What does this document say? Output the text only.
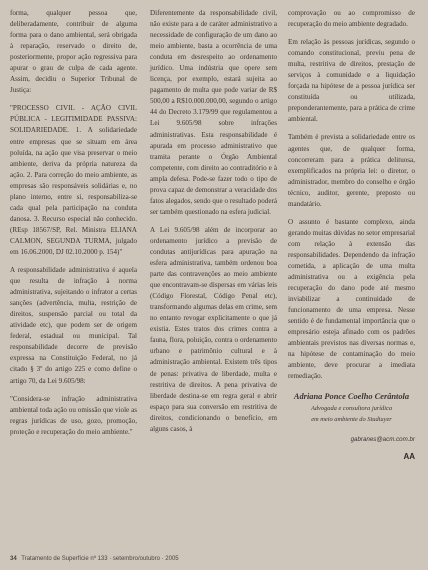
forma, qualquer pessoa que, deliberadamente, contribuir de alguma forma para o dano ambiental, será obrigada à reparação, reservado o direito de, posteriormente, propor ação regressiva para apurar o grau de culpa de cada agente. Assim, decidiu o Superior Tribunal de Justiça:

"PROCESSO CIVIL - AÇÃO CIVIL PÚBLICA - LEGITIMIDADE PASSIVA: SOLIDARIEDADE. 1. A solidariedade entre empresas que se situam em área poluída, na ação que visa preservar o meio ambiente, deriva da própria natureza da ação. 2. Para correção do meio ambiente, as empresas são responsáveis solidárias e, no plano interno, entre si, responsabiliza-se cada qual pela participação na conduta danosa. 3. Recurso especial não conhecido. (REsp 18567/SP, Rel. Ministra ELIANA CALMON, SEGUNDA TURMA, julgado em 16.06.2000, DJ 02.10.2000 p. 154)"

A responsabilidade administrativa é aquela que resulta de infração à norma administrativa, sujeitando o infrator a certas sanções (advertência, multa, restrição de direitos, suspensão parcial ou total da atividade etc), que podem ser de origem federal, estadual ou municipal. Tal responsabilidade decorre de previsão expressa na Constituição Federal, no já citado § 3º do artigo 225 e como define o artigo 70, da Lei 9.605/98:

"Considera-se infração administrativa ambiental toda ação ou omissão que viole as regras jurídicas de uso, gozo, promoção, proteção e recuperação do meio ambiente."

Diferentemente da responsabilidade civil, não existe para a de caráter administrativo a necessidade de configuração de um dano ao meio ambiente, basta a ocorrência de uma conduta em desrespeito ao ordenamento jurídico. Uma indústria que opere sem licença, por exemplo, estará sujeita ao pagamento de multa que pode variar de R$ 500,00 a R$10.000.000,00, segundo o artigo 44 do Decreto 3.179/99 que regulamentou a Lei 9.605/98 sobre infrações administrativas. Esta responsabilidade é apurada em processo administrativo que tramita perante o Órgão Ambiental competente, com direito ao contraditório e à ampla defesa. Pode-se fazer todo o tipo de prova capaz de demonstrar a veracidade dos fatos alegados, sendo que o resultado poderá ser também questionado na esfera judicial.

A Lei 9.605/98 além de incorporar ao ordenamento jurídico a previsão de condutas antijurídicas para apuração na esfera administrativa, também ordenou boa parte das contravenções ao meio ambiente que encontravam-se dispersas em várias leis (Código Florestal, Código Penal etc), transformando algumas delas em crime, sem no entanto revogar explicitamente o que já existia. Estes tratos dos crimes contra a fauna, flora, poluição, contra o ordenamento urbano e patrimônio cultural e à administração ambiental. Existem três tipos de penas: privativa de liberdade, multa e restritiva de direitos. A pena privativa de liberdade destina-se em regra geral e abrir espaço para sua conversão em restritiva de direitos, condicionando o benefício, em alguns casos, à

comprovação ou ao compromisso de recuperação do meio ambiente degradado.

Em relação às pessoas jurídicas, segundo o comando constitucional, previu pena de multa, restritiva de direitos, prestação de serviços à comunidade e a liquidação forçada na hipótese de a pessoa jurídica ser constituída ou utilizada, preponderantemente, para a prática de crime ambiental.

Também é prevista a solidariedade entre os agentes que, de qualquer forma, concorreram para a prática delituosa, exemplificados na própria lei: o diretor, o administrador, membro do conselho e órgão técnico, auditor, gerente, preposto ou mandatário.

O assunto é bastante complexo, ainda gerando muitas dúvidas no setor empresarial com relação à extensão das responsabilidades. Dependendo da infração cometida, a aplicação de uma multa administrativa ou a exigência pela recuperação do dano pode até mesmo inviabilizar a continuidade de funcionamento de uma empresa. Nesse sentido é de fundamental importância que o empresário esteja afinado com os padrões ambientais previstos nas diversas normas e, na hipótese de contaminação do meio ambiente, deve procurar a imediata remediação.

Adriana Ponce Coelho Cerântola
Advogada e consultora jurídica
em meio ambiente do Studiuyer
gabranes@acm.com.br
AA
34 Tratamento de Superfície nº 133 · setembro/outubro · 2005
